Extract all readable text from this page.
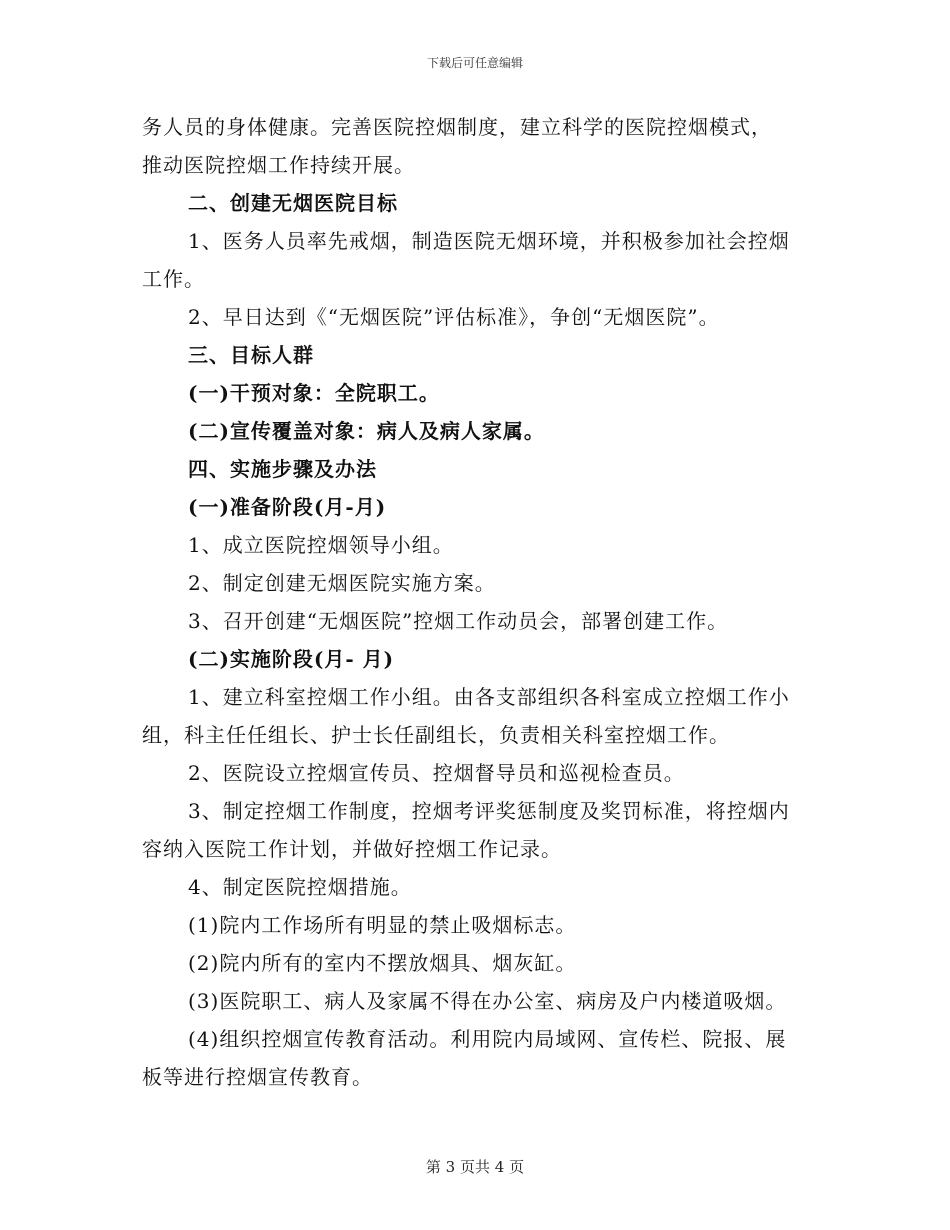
下载后可任意编辑

务人员的身体健康。完善医院控烟制度，建立科学的医院控烟模式，

推动医院控烟工作持续开展。

二、创建无烟医院目标

1、医务人员率先戒烟，制造医院无烟环境，并积极参加社会控烟

工作。

2、早日达到《“无烟医院”评估标准》，争创“无烟医院”。

三、目标人群

(一)干预对象：全院职工。

(二)宣传覆盖对象：病人及病人家属。

四、实施步骤及办法

(一)准备阶段(月-月)

1、成立医院控烟领导小组。

2、制定创建无烟医院实施方案。

3、召开创建“无烟医院”控烟工作动员会，部署创建工作。

(二)实施阶段(月- 月)

1、建立科室控烟工作小组。由各支部组织各科室成立控烟工作小

组，科主任任组长、护士长任副组长，负责相关科室控烟工作。

2、医院设立控烟宣传员、控烟督导员和巡视检查员。

3、制定控烟工作制度，控烟考评奖惩制度及奖罚标准，将控烟内

容纳入医院工作计划，并做好控烟工作记录。

4、制定医院控烟措施。

(1)院内工作场所有明显的禁止吸烟标志。

(2)院内所有的室内不摆放烟具、烟灰缸。

(3)医院职工、病人及家属不得在办公室、病房及户内楼道吸烟。

(4)组织控烟宣传教育活动。利用院内局域网、宣传栏、院报、展

板等进行控烟宣传教育。

第 3 页共 4 页
